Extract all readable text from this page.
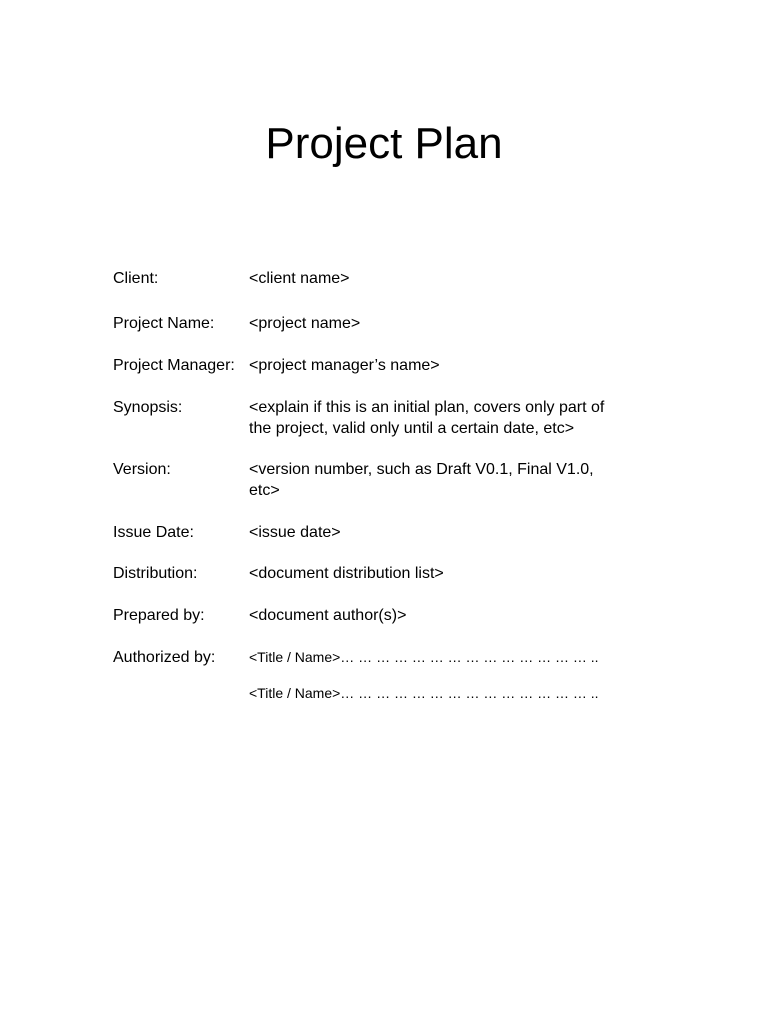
Project Plan
Client:	<client name>
Project Name:	<project name>
Project Manager: <project manager’s name>
Synopsis:	<explain if this is an initial plan, covers only part of
the project, valid only until a certain date, etc>
Version:	<version number, such as Draft V0.1, Final V1.0,
etc>
Issue Date:	<issue date>
Distribution:	<document distribution list>
Prepared by:	<document author(s)>
Authorized by:	<Title / Name>… … … … … … … … … … … … … … ..
<Title / Name>… … … … … … … … … … … … … … ..
